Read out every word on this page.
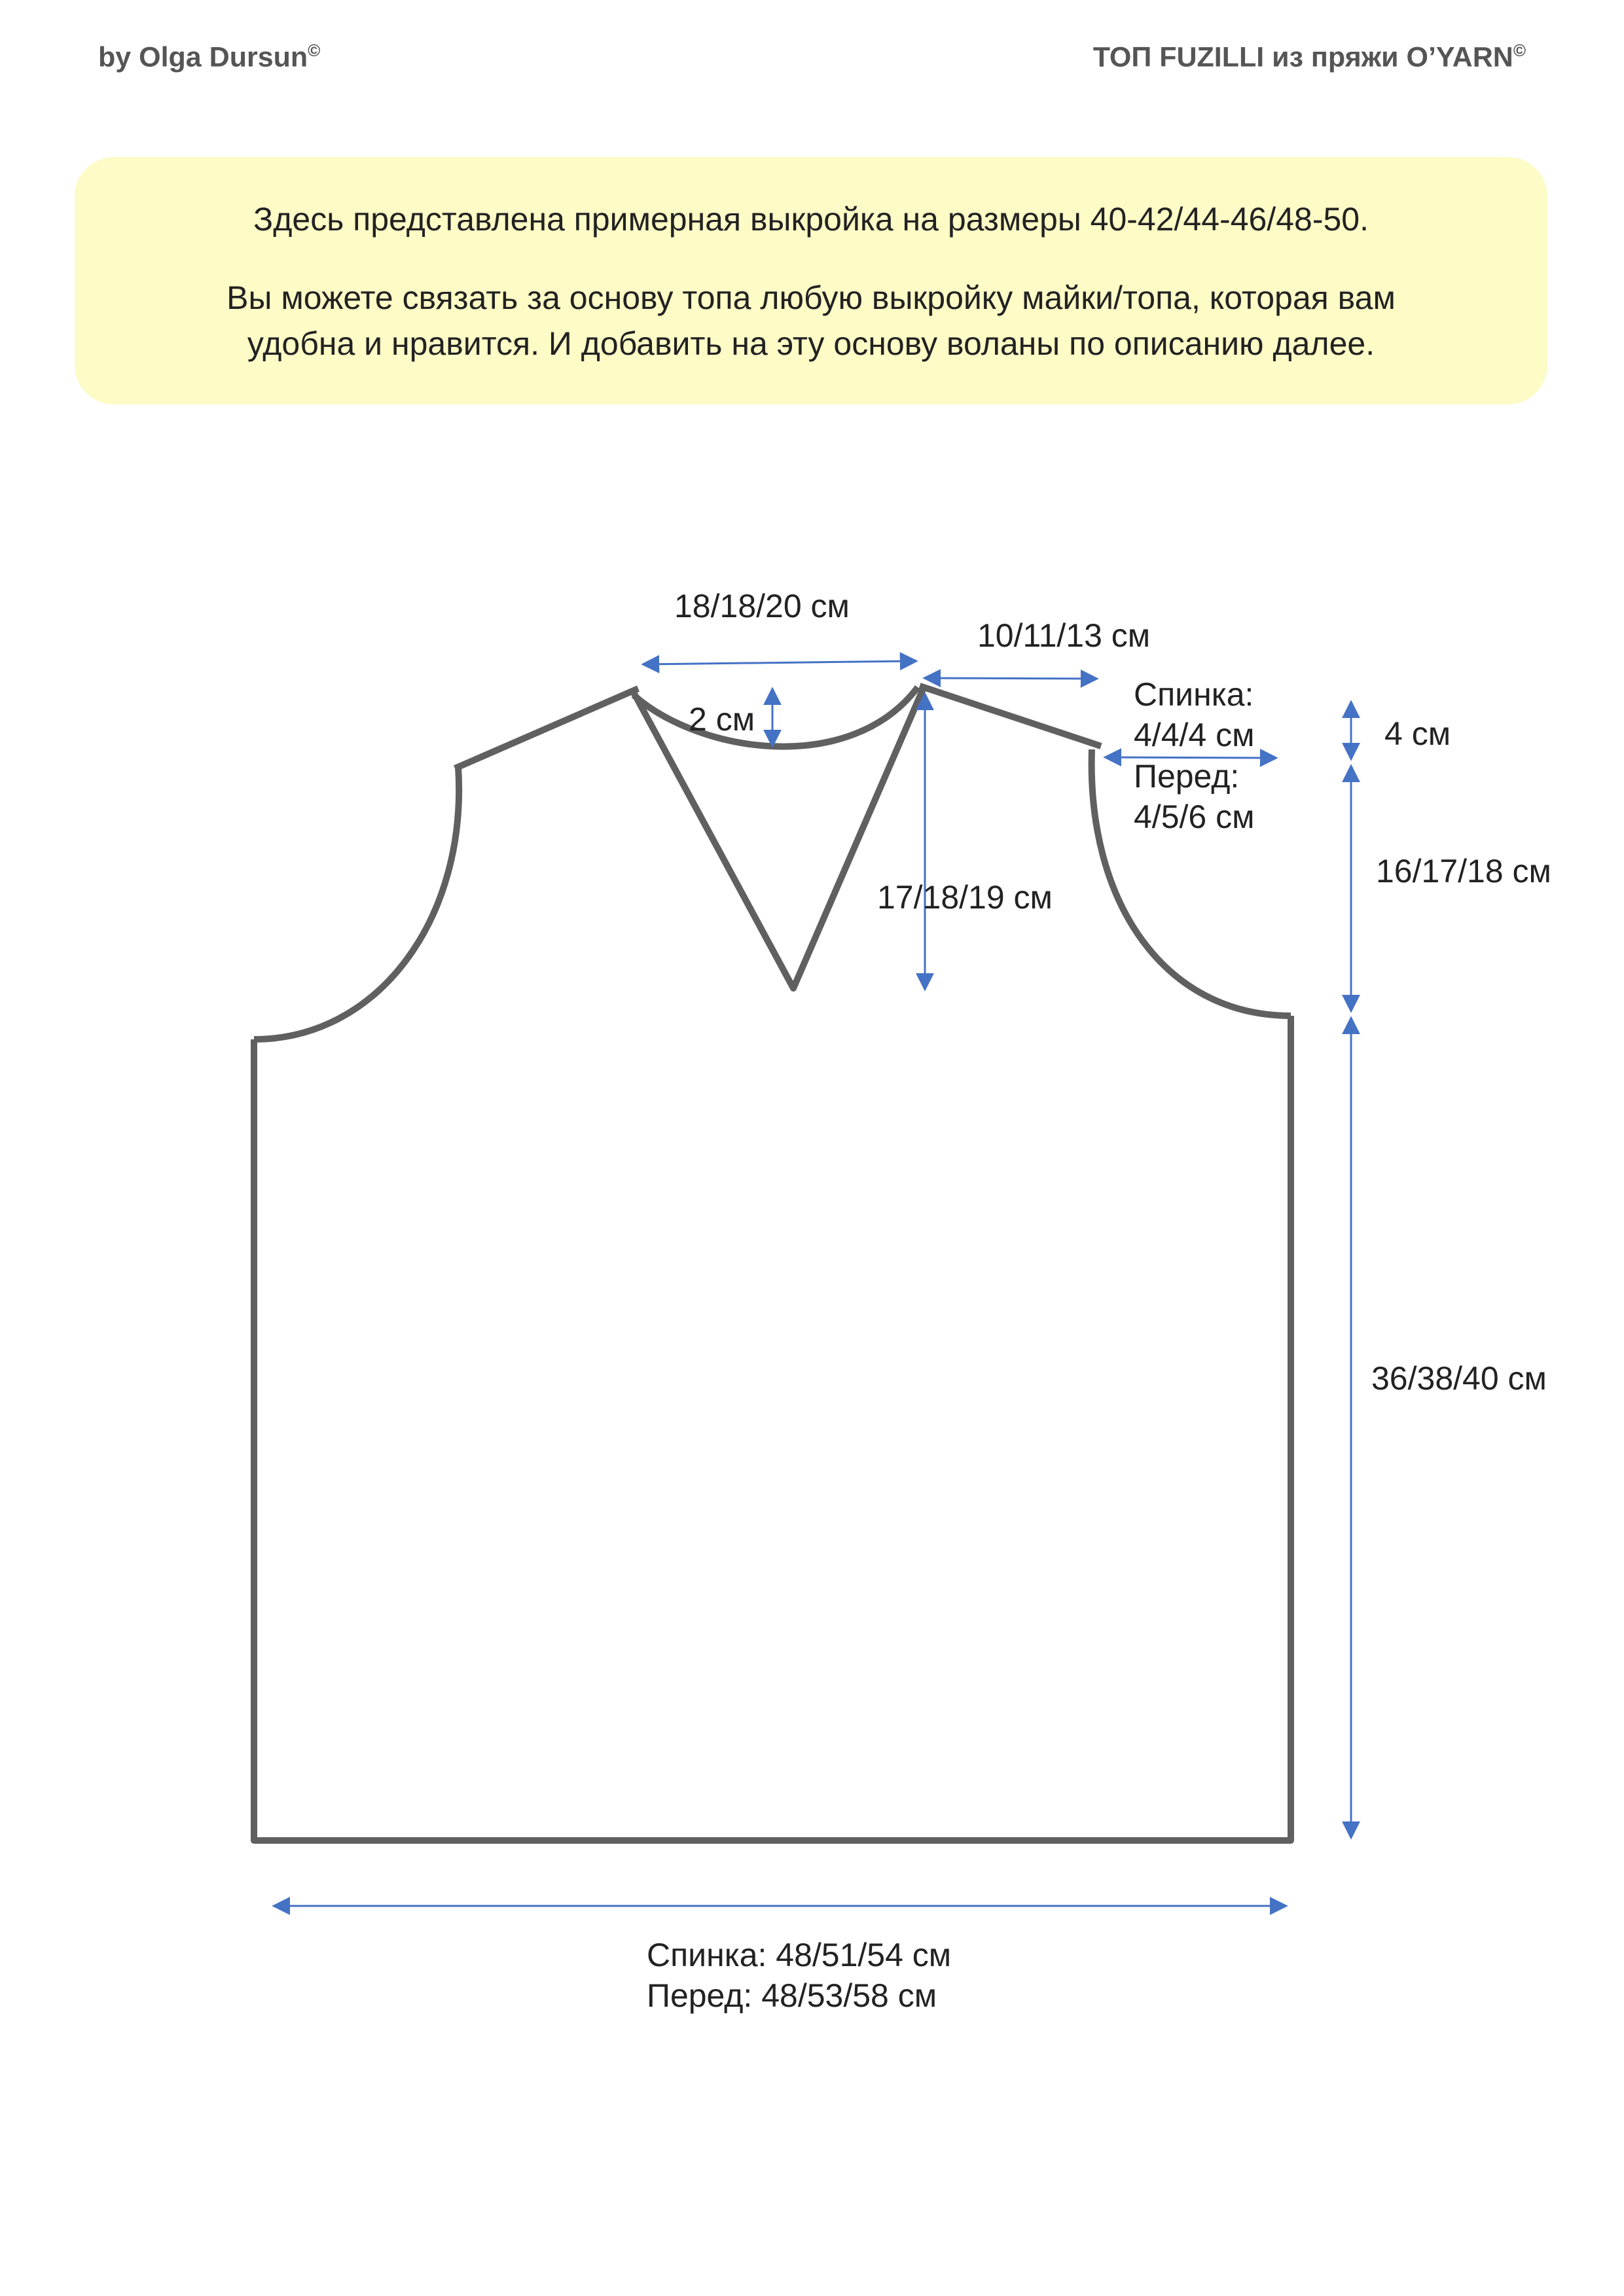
by Olga Dursun©	ТОП FUZILLI из пряжи O’YARN©

Здесь представлена примерная выкройка на размеры 40-42/44-46/48-50.

Вы можете связать за основу топа любую выкройку майки/топа, которая вам

удобна и нравится. И добавить на эту основу воланы по описанию далее.

18/18/20 см
10/11/13 см
2 см
Спинка:
4/4/4 см
Перед:
4/5/6 см
4 см
16/17/18 см
17/18/19 см
36/38/40 см
Спинка: 48/51/54 см
Перед: 48/53/58 см
